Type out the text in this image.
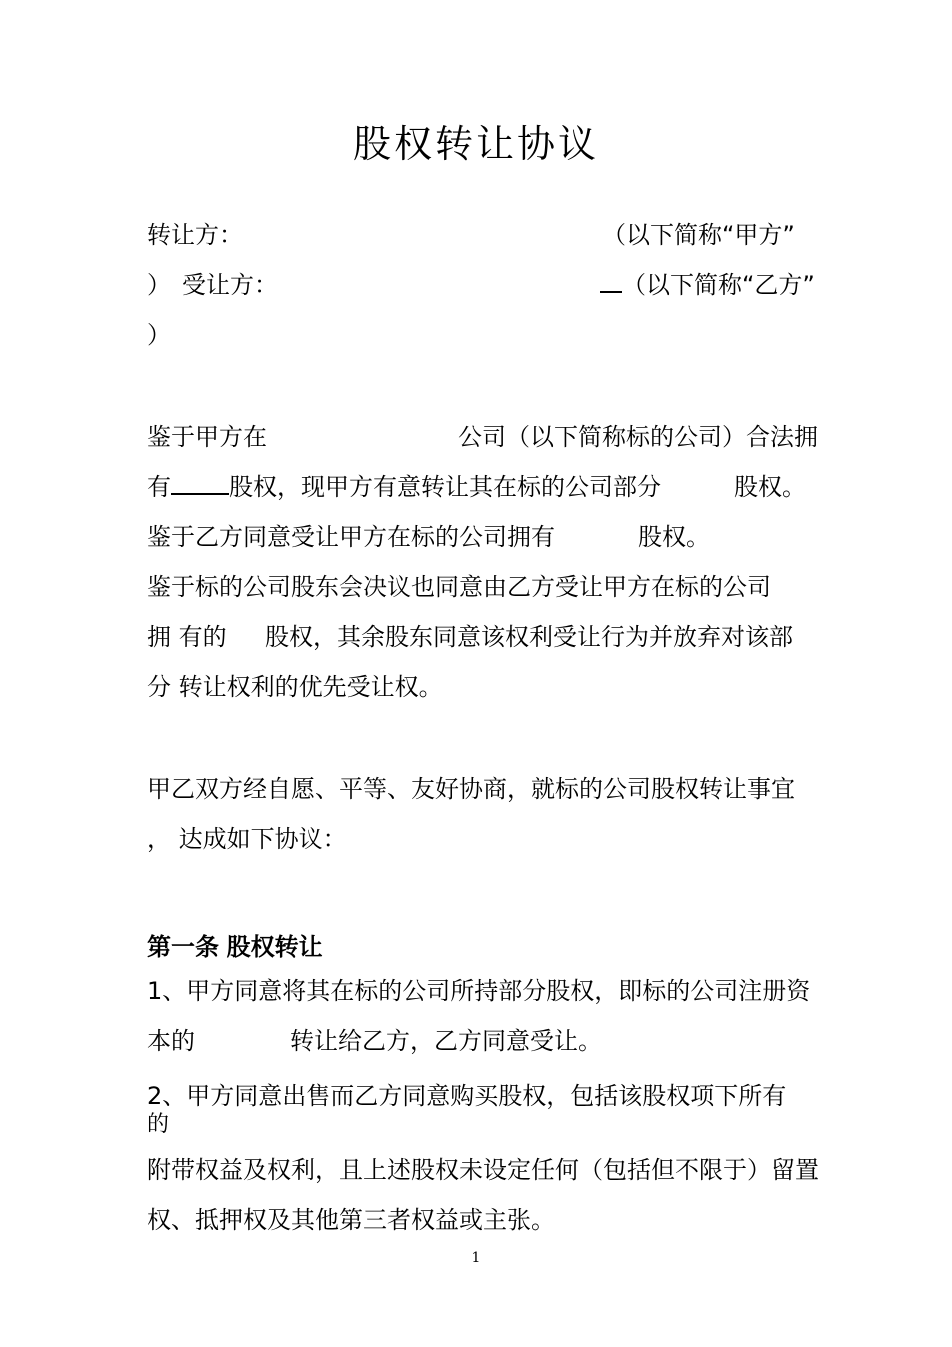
股权转让协议
转让方：	（以下简称“甲方”
） 受让方：	（以下简称“乙方”
）
鉴于甲方在	公司（以下简称标的公司）合法拥
有 股权，现甲方有意转让其在标的公司部分	股权。
鉴于乙方同意受让甲方在标的公司拥有	股权。
鉴于标的公司股东会决议也同意由乙方受让甲方在标的公司
拥 有的 股权，其余股东同意该权利受让行为并放弃对该部
分 转让权利的优先受让权。
甲乙双方经自愿、平等、友好协商，就标的公司股权转让事宜
， 达成如下协议：
第一条 股权转让
1、甲方同意将其在标的公司所持部分股权，即标的公司注册资
本的	转让给乙方，乙方同意受让。
2、甲方同意出售而乙方同意购买股权，包括该股权项下所有
的
附带权益及权利，且上述股权未设定任何（包括但不限于）留置
权、抵押权及其他第三者权益或主张。
1
